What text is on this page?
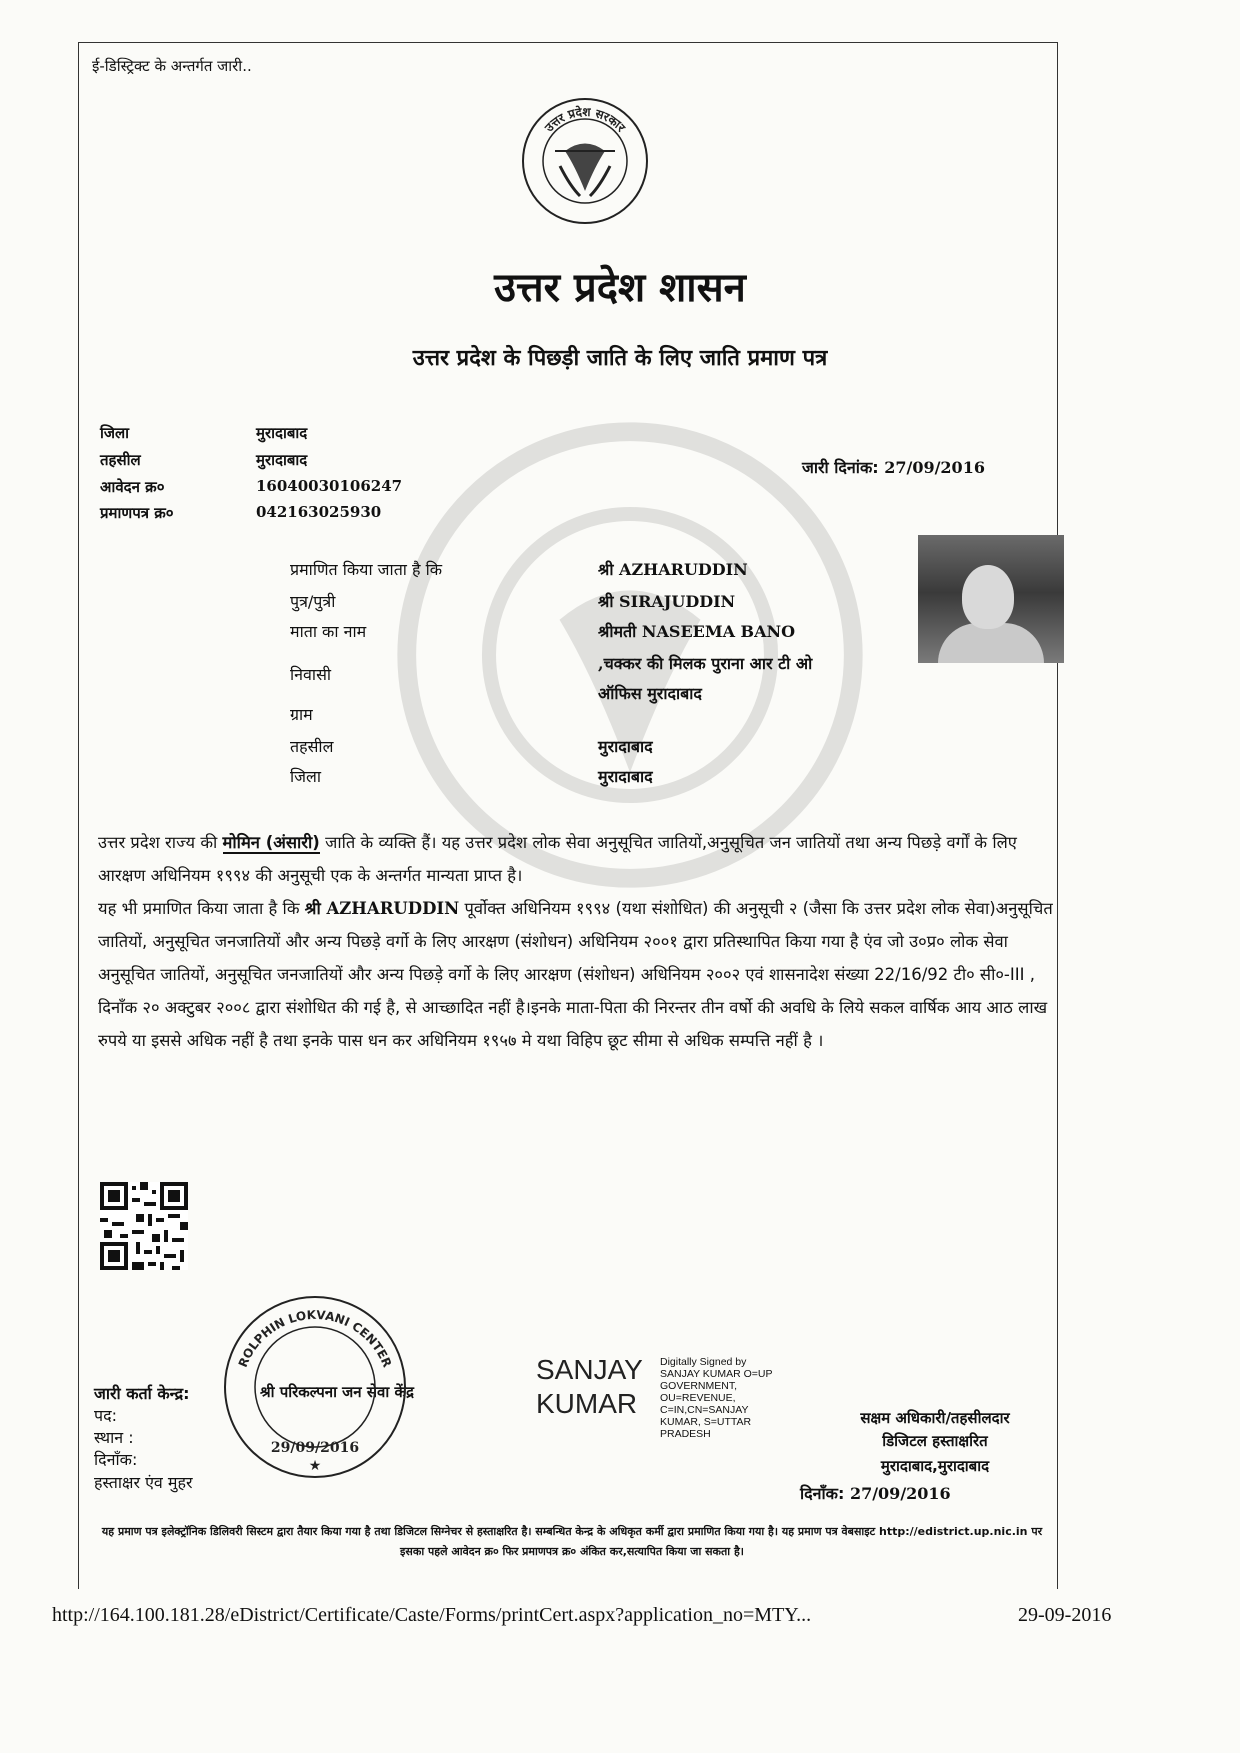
ई-डिस्ट्रिक्ट के अन्तर्गत जारी..
उत्तर प्रदेश सरकार
उत्तर प्रदेश शासन
उत्तर प्रदेश के पिछड़ी जाति के लिए जाति प्रमाण पत्र
जिला	मुरादाबाद
तहसील	मुरादाबाद
आवेदन क्र०	16040030106247
प्रमाणपत्र क्र०	042163025930
जारी दिनांक: 27/09/2016
प्रमाणित किया जाता है कि	श्री AZHARUDDIN
पुत्र/पुत्री	श्री SIRAJUDDIN
माता का नाम	श्रीमती NASEEMA BANO
निवासी
,चक्कर की मिलक पुराना आर टी ओ
ऑफिस मुरादाबाद
ग्राम
तहसील	मुरादाबाद
जिला	मुरादाबाद

उत्तर प्रदेश राज्य की मोमिन (अंसारी) जाति के व्यक्ति हैं। यह उत्तर प्रदेश लोक सेवा अनुसूचित जातियों,अनुसूचित जन जातियों तथा अन्य पिछड़े वर्गों के लिए आरक्षण अधिनियम १९९४ की अनुसूची एक के अन्तर्गत मान्यता प्राप्त है।

यह भी प्रमाणित किया जाता है कि श्री AZHARUDDIN पूर्वोक्त अधिनियम १९९४ (यथा संशोधित) की अनुसूची २ (जैसा कि उत्तर प्रदेश लोक सेवा)अनुसूचित जातियों, अनुसूचित जनजातियों और अन्य पिछड़े वर्गो के लिए आरक्षण (संशोधन) अधिनियम २००१ द्वारा प्रतिस्थापित किया गया है एंव जो उ०प्र० लोक सेवा अनुसूचित जातियों, अनुसूचित जनजातियों और अन्य पिछड़े वर्गो के लिए आरक्षण (संशोधन) अधिनियम २००२ एवं शासनादेश संख्या 22/16/92 टी० सी०-III , दिनाँक २० अक्टुबर २००८ द्वारा संशोधित की गई है, से आच्छादित नहीं है।इनके माता-पिता की निरन्तर तीन वर्षो की अवधि के लिये सकल वार्षिक आय आठ लाख रुपये या इससे अधिक नहीं है तथा इनके पास धन कर अधिनियम १९५७ मे यथा विहिप छूट सीमा से अधिक सम्पत्ति नहीं है ।

जारी कर्ता केन्द्र:	श्री परिकल्पना जन सेवा केंद्र
पद:
स्थान :
दिनाँक:
हस्ताक्षर एंव मुहर
ROLPHIN LOKVANI CENTER
29/09/2016
★
SANJAY
KUMAR
Digitally Signed by
SANJAY KUMAR O=UP
GOVERNMENT,
OU=REVENUE,
C=IN,CN=SANJAY
KUMAR, S=UTTAR
PRADESH
सक्षम अधिकारी/तहसीलदार
डिजिटल हस्ताक्षरित
मुरादाबाद,मुरादाबाद
दिनाँक: 27/09/2016
यह प्रमाण पत्र इलेक्ट्रॉनिक डिलिवरी सिस्टम द्वारा तैयार किया गया है तथा डिजिटल सिग्नेचर से हस्ताक्षरित है। सम्बन्धित केन्द्र के अधिकृत कर्मी द्वारा प्रमाणित किया गया है। यह प्रमाण पत्र वेबसाइट http://edistrict.up.nic.in पर इसका पहले आवेदन क्र० फिर प्रमाणपत्र क्र० अंकित कर,सत्यापित किया जा सकता है।
http://164.100.181.28/eDistrict/Certificate/Caste/Forms/printCert.aspx?application_no=MTY...	29-09-2016
